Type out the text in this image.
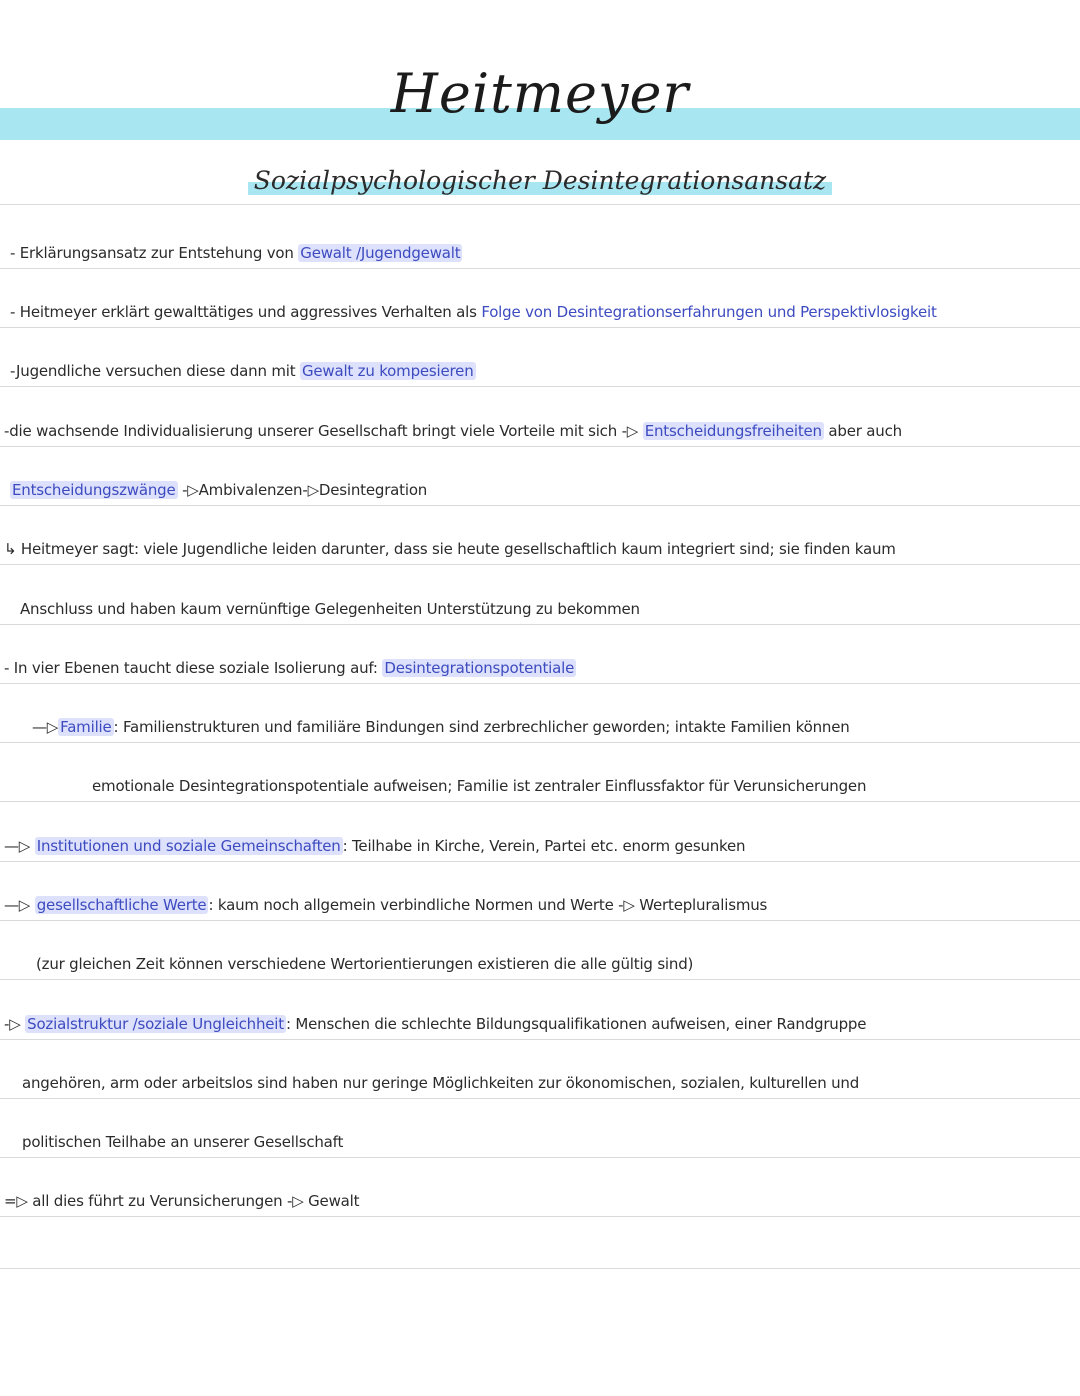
Heitmeyer
Sozialpsychologischer Desintegrationsansatz
- Erklärungsansatz zur Entstehung von Gewalt /Jugendgewalt
- Heitmeyer erklärt gewalttätiges und aggressives Verhalten als Folge von Desintegrationserfahrungen und Perspektivlosigkeit
-Jugendliche versuchen diese dann mit Gewalt zu kompesieren
-die wachsende Individualisierung unserer Gesellschaft bringt viele Vorteile mit sich -▷ Entscheidungsfreiheiten aber auch
Entscheidungszwänge -▷Ambivalenzen-▷Desintegration
↳ Heitmeyer sagt: viele Jugendliche leiden darunter, dass sie heute gesellschaftlich kaum integriert sind; sie finden kaum
Anschluss und haben kaum vernünftige Gelegenheiten Unterstützung zu bekommen
- In vier Ebenen taucht diese soziale Isolierung auf: Desintegrationspotentiale
—▷ Familie : Familienstrukturen und familiäre Bindungen sind zerbrechlicher geworden; intakte Familien können
emotionale Desintegrationspotentiale aufweisen; Familie ist zentraler Einflussfaktor für Verunsicherungen
—▷ Institutionen und soziale Gemeinschaften : Teilhabe in Kirche, Verein, Partei etc. enorm gesunken
—▷ gesellschaftliche Werte : kaum noch allgemein verbindliche Normen und Werte -▷ Wertepluralismus
(zur gleichen Zeit können verschiedene Wertorientierungen existieren die alle gültig sind)
-▷ Sozialstruktur /soziale Ungleichheit : Menschen die schlechte Bildungsqualifikationen aufweisen, einer Randgruppe
angehören, arm oder arbeitslos sind haben nur geringe Möglichkeiten zur ökonomischen, sozialen, kulturellen und
politischen Teilhabe an unserer Gesellschaft
=▷ all dies führt zu Verunsicherungen -▷ Gewalt
